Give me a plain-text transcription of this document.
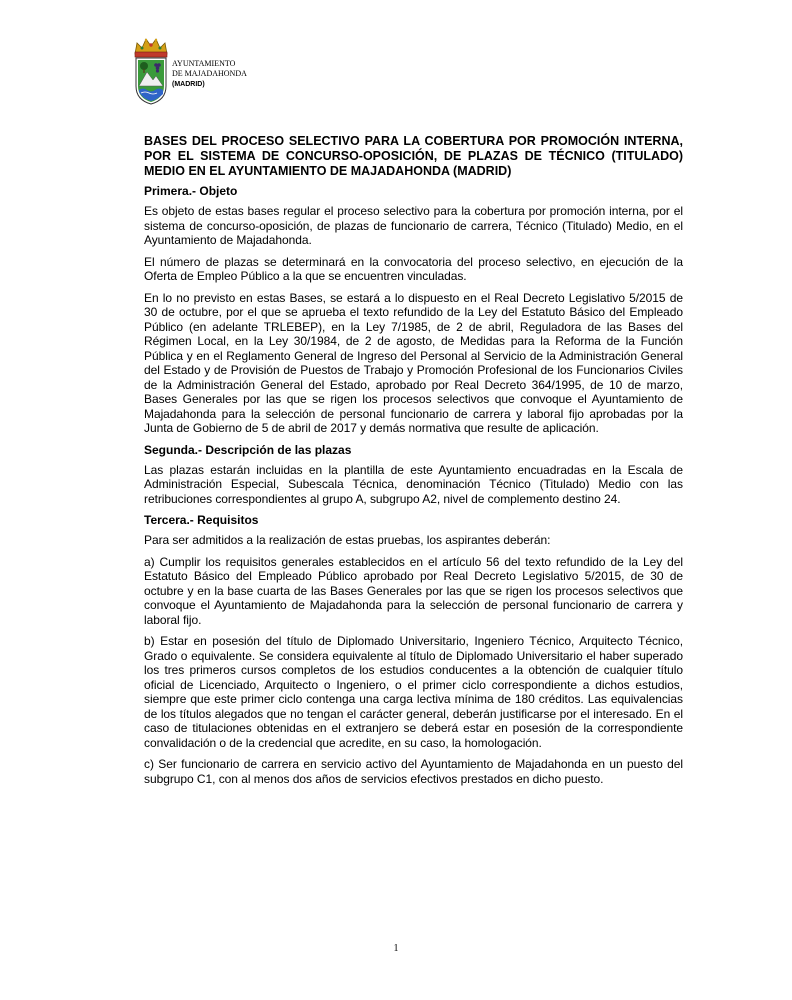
AYUNTAMIENTO
DE MAJADAHONDA
(MADRID)
BASES DEL PROCESO SELECTIVO PARA LA COBERTURA POR PROMOCIÓN INTERNA, POR EL SISTEMA DE CONCURSO-OPOSICIÓN, DE PLAZAS DE TÉCNICO (TITULADO) MEDIO EN EL AYUNTAMIENTO DE MAJADAHONDA (MADRID)
Primera.- Objeto

Es objeto de estas bases regular el proceso selectivo para la cobertura por promoción interna, por el sistema de concurso-oposición, de plazas de funcionario de carrera, Técnico (Titulado) Medio, en el Ayuntamiento de Majadahonda.

El número de plazas se determinará en la convocatoria del proceso selectivo, en ejecución de la Oferta de Empleo Público a la que se encuentren vinculadas.

En lo no previsto en estas Bases, se estará a lo dispuesto en el Real Decreto Legislativo 5/2015 de 30 de octubre, por el que se aprueba el texto refundido de la Ley del Estatuto Básico del Empleado Público (en adelante TRLEBEP), en la Ley 7/1985, de 2 de abril, Reguladora de las Bases del Régimen Local, en la Ley 30/1984, de 2 de agosto, de Medidas para la Reforma de la Función Pública y en el Reglamento General de Ingreso del Personal al Servicio de la Administración General del Estado y de Provisión de Puestos de Trabajo y Promoción Profesional de los Funcionarios Civiles de la Administración General del Estado, aprobado por Real Decreto 364/1995, de 10 de marzo, Bases Generales por las que se rigen los procesos selectivos que convoque el Ayuntamiento de Majadahonda para la selección de personal funcionario de carrera y laboral fijo aprobadas por la Junta de Gobierno de 5 de abril de 2017 y demás normativa que resulte de aplicación.

Segunda.- Descripción de las plazas

Las plazas estarán incluidas en la plantilla de este Ayuntamiento encuadradas en la Escala de Administración Especial, Subescala Técnica, denominación Técnico (Titulado) Medio con las retribuciones correspondientes al grupo A, subgrupo A2, nivel de complemento destino 24.

Tercera.- Requisitos

Para ser admitidos a la realización de estas pruebas, los aspirantes deberán:

a) Cumplir los requisitos generales establecidos en el artículo 56 del texto refundido de la Ley del Estatuto Básico del Empleado Público aprobado por Real Decreto Legislativo 5/2015, de 30 de octubre y en la base cuarta de las Bases Generales por las que se rigen los procesos selectivos que convoque el Ayuntamiento de Majadahonda para la selección de personal funcionario de carrera y laboral fijo.

b) Estar en posesión del título de Diplomado Universitario, Ingeniero Técnico, Arquitecto Técnico, Grado o equivalente. Se considera equivalente al título de Diplomado Universitario el haber superado los tres primeros cursos completos de los estudios conducentes a la obtención de cualquier título oficial de Licenciado, Arquitecto o Ingeniero, o el primer ciclo correspondiente a dichos estudios, siempre que este primer ciclo contenga una carga lectiva mínima de 180 créditos. Las equivalencias de los títulos alegados que no tengan el carácter general, deberán justificarse por el interesado. En el caso de titulaciones obtenidas en el extranjero se deberá estar en posesión de la correspondiente convalidación o de la credencial que acredite, en su caso, la homologación.

c) Ser funcionario de carrera en servicio activo del Ayuntamiento de Majadahonda en un puesto del subgrupo C1, con al menos dos años de servicios efectivos prestados en dicho puesto.

1
